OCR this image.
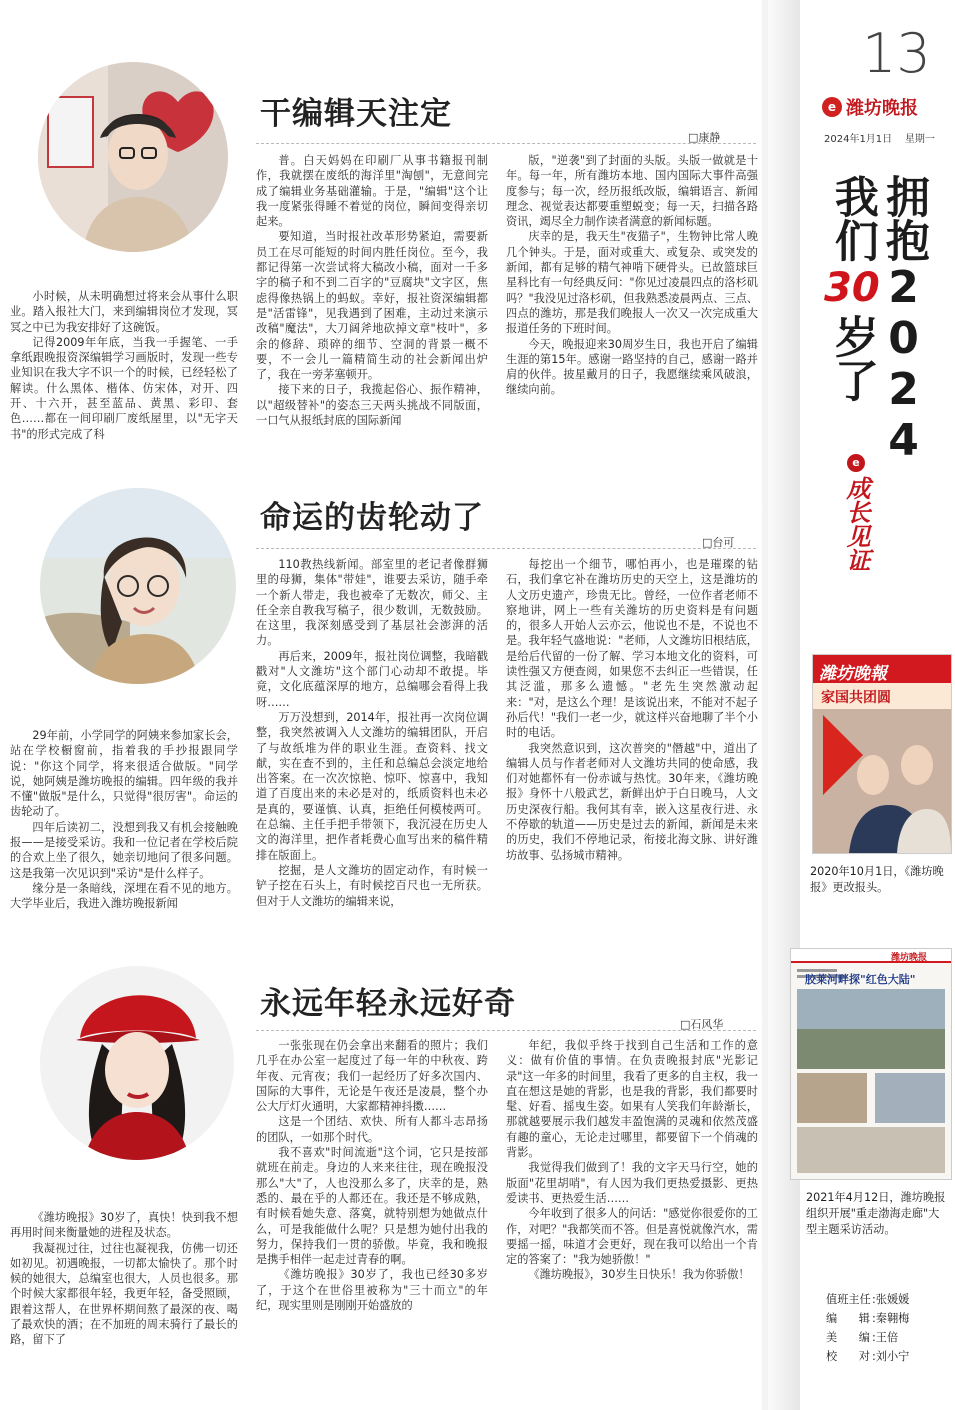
干编辑天注定
□康静

小时候，从未明确想过将来会从事什么职业。踏入报社大门，来到编辑岗位才发现，冥冥之中已为我安排好了这碗饭。

记得2009年年底，当我一手握笔、一手拿纸跟晚报资深编辑学习画版时，发现一些专业知识在我大字不识一个的时候，已经轻松了解读。什么黑体、楷体、仿宋体，对开、四开、十六开，甚至蓝品、黄黑、彩印、套色……都在一间印刷厂废纸屋里，以"无字天书"的形式完成了科

普。白天妈妈在印刷厂从事书籍报刊制作，我就摆在废纸的海洋里"淘刨"，无意间完成了编辑业务基础灌输。于是，"编辑"这个让我一度紧张得睡不着觉的岗位，瞬间变得亲切起来。

要知道，当时报社改革形势紧迫，需要新员工在尽可能短的时间内胜任岗位。至今，我都记得第一次尝试将大稿改小稿，面对一千多字的稿子和不到二百字的"豆腐块"文字区，焦虑得像热锅上的蚂蚁。幸好，报社资深编辑都是"活雷锋"，见我遇到了困难，主动过来演示改稿"魔法"，大刀阔斧地砍掉文章"枝叶"，多余的修辞、琐碎的细节、空洞的背景一概不要，不一会儿一篇精简生动的社会新闻出炉了，我在一旁茅塞顿开。

接下来的日子，我揽起俗心、振作精神，以"超级替补"的姿态三天两头挑战不同版面，一口气从报纸封底的国际新闻

版，"逆袭"到了封面的头版。头版一做就是十年。每一年，所有潍坊本地、国内国际大事件高强度参与；每一次，经历报纸改版，编辑语言、新闻理念、视觉表达都要重塑蜕变；每一天，扫描各路资讯，竭尽全力制作读者满意的新闻标题。

庆幸的是，我天生"夜猫子"，生物钟比常人晚几个钟头。于是，面对或重大、或复杂、或突发的新闻，都有足够的精气神啃下硬骨头。已故篮球巨星科比有一句经典反问："你见过凌晨四点的洛杉矶吗？"我没见过洛杉矶，但我熟悉凌晨两点、三点、四点的潍坊，那是我们晚报人一次又一次完成重大报道任务的下班时间。

今天，晚报迎来30周岁生日，我也开启了编辑生涯的第15年。感谢一路坚持的自己，感谢一路并肩的伙伴。披星戴月的日子，我愿继续乘风破浪，继续向前。

命运的齿轮动了
□台可

29年前，小学同学的阿姨来参加家长会，站在学校橱窗前，指着我的手抄报跟同学说："你这个同学，将来很适合做版。"同学说，她阿姨是潍坊晚报的编辑。四年级的我并不懂"做版"是什么，只觉得"很厉害"。命运的齿轮动了。

四年后读初二，没想到我又有机会接触晚报——是接受采访。我和一位记者在学校后院的合欢上坐了很久，她亲切地问了很多问题。这是我第一次见识到"采访"是什么样子。

缘分是一条暗线，深埋在看不见的地方。大学毕业后，我进入潍坊晚报新闻

110教热线新闻。部室里的老记者像群狮里的母狮，集体"带娃"，谁要去采访，随手牵一个新人带走，我也被牵了无数次，师父、主任全亲自教我写稿子，很少数训，无数鼓励。在这里，我深刻感受到了基层社会澎湃的活力。

再后来，2009年，报社岗位调整，我暗戳戳对"人文潍坊"这个部门心动却不敢提。毕竟，文化底蕴深厚的地方，总编哪会看得上我呀……

万万没想到，2014年，报社再一次岗位调整，我突然被调入人文潍坊的编辑团队，开启了与故纸堆为伴的职业生涯。查资料、找文献，实在查不到的，主任和总编总会淡定地给出答案。在一次次惊艳、惊吓、惊喜中，我知道了百度出来的未必是对的，纸质资料也未必是真的，要谨慎、认真，拒绝任何模棱两可。在总编、主任手把手带领下，我沉浸在历史人文的海洋里，把作者耗费心血写出来的稿件精排在版面上。

挖掘，是人文潍坊的固定动作，有时候一铲子挖在石头上，有时候挖百尺也一无所获。但对于人文潍坊的编辑来说，

每挖出一个细节，哪怕再小，也是璀璨的钻石，我们拿它补在潍坊历史的天空上，这是潍坊的人文历史遗产，珍贵无比。曾经，一位作者老师不察地讲，网上一些有关潍坊的历史资料是有问题的，很多人开始人云亦云，他说也不是，不说也不是。我年轻气盛地说："老师，人文潍坊旧根结底，是给后代留的一份了解、学习本地文化的资料，可读性强又方便查阅，如果您不去纠正一些错误，任其泛滥，那多么遗憾。"老先生突然激动起来："对，是这么个理！是该说出来，不能对不起子孙后代！"我们一老一少，就这样兴奋地聊了半个小时的电话。

我突然意识到，这次普突的"僭越"中，道出了编辑人员与作者老师对人文潍坊共同的使命感，我们对她都怀有一份赤诚与热忱。30年来，《潍坊晚报》身怀十八般武艺，新鲜出炉于白日晚马，人文历史深夜行船。我何其有幸，嵌入这星夜行进、永不停歇的轨道——历史是过去的新闻，新闻是未来的历史，我们不停地记录，衔接北海文脉、讲好潍坊故事、弘扬城市精神。

永远年轻永远好奇
□石风华

《潍坊晚报》30岁了，真快！快到我不想再用时间来衡量她的进程及状态。

我凝视过往，过往也凝视我，仿佛一切还如初见。初遇晚报，一切都太愉快了。那个时候的她很大，总编室也很大，人员也很多。那个时候大家都很年轻，我更年轻，备受照顾，跟着这帮人，在世界杯期间熬了最深的夜、喝了最欢快的酒；在不加班的周末骑行了最长的路，留下了

一张张现在仍会拿出来翻看的照片；我们几乎在办公室一起度过了每一年的中秋夜、跨年夜、元宵夜；我们一起经历了好多次国内、国际的大事件，无论是午夜还是凌晨，整个办公大厅灯火通明，大家都精神抖擞……

这是一个团结、欢快、所有人都斗志昂扬的团队，一如那个时代。

我不喜欢"时间流逝"这个词，它只是按部就班在前走。身边的人来来往往，现在晚报没那么"大"了，人也没那么多了，庆幸的是，熟悉的、最在乎的人都还在。我还是不够成熟，有时候看她失意、落寞，就特别想为她做点什么，可是我能做什么呢？只是想为她付出我的努力，保持我们一贯的骄傲。毕竟，我和晚报是携手相伴一起走过青春的啊。

《潍坊晚报》30岁了，我也已经30多岁了，于这个在世俗里被称为"三十而立"的年纪，现实里则是刚刚开始盛放的

年纪，我似乎终于找到自己生活和工作的意义：做有价值的事情。在负责晚报封底"光影记录"这一年多的时间里，我看了更多的自主权，我一直在想这是她的背影，也是我的背影，我们都要时髦、好看、摇曳生姿。如果有人笑我们年龄渐长，那就越要展示我们越发丰盈饱满的灵魂和依然茂盛有趣的童心，无论走过哪里，都要留下一个俏魂的背影。

我觉得我们做到了！我的文字天马行空，她的版面"花里胡哨"，有人因为我们更热爱摄影、更热爱读书、更热爱生活……

今年收到了很多人的问话："感觉你很爱你的工作，对吧？"我都笑而不答。但是喜悦就像汽水，需要摇一摇，味道才会更好，现在我可以给出一个肯定的答案了："我为她骄傲！"

《潍坊晚报》，30岁生日快乐！我为你骄傲！

13
e 潍坊晚报
2024年1月1日 星期一
拥抱2024
我们30岁了
e
成长见证
潍坊晚報
家国共团圆
2020年10月1日，《潍坊晚报》更改报头。
潍坊晚报
胶莱河畔探"红色大陆"
2021年4月12日，潍坊晚报组织开展"重走渤海走廊"大型主题采访活动。
值班主任 : 张媛媛
编辑 : 秦翱梅
美编 : 王倍
校对 : 刘小宁
